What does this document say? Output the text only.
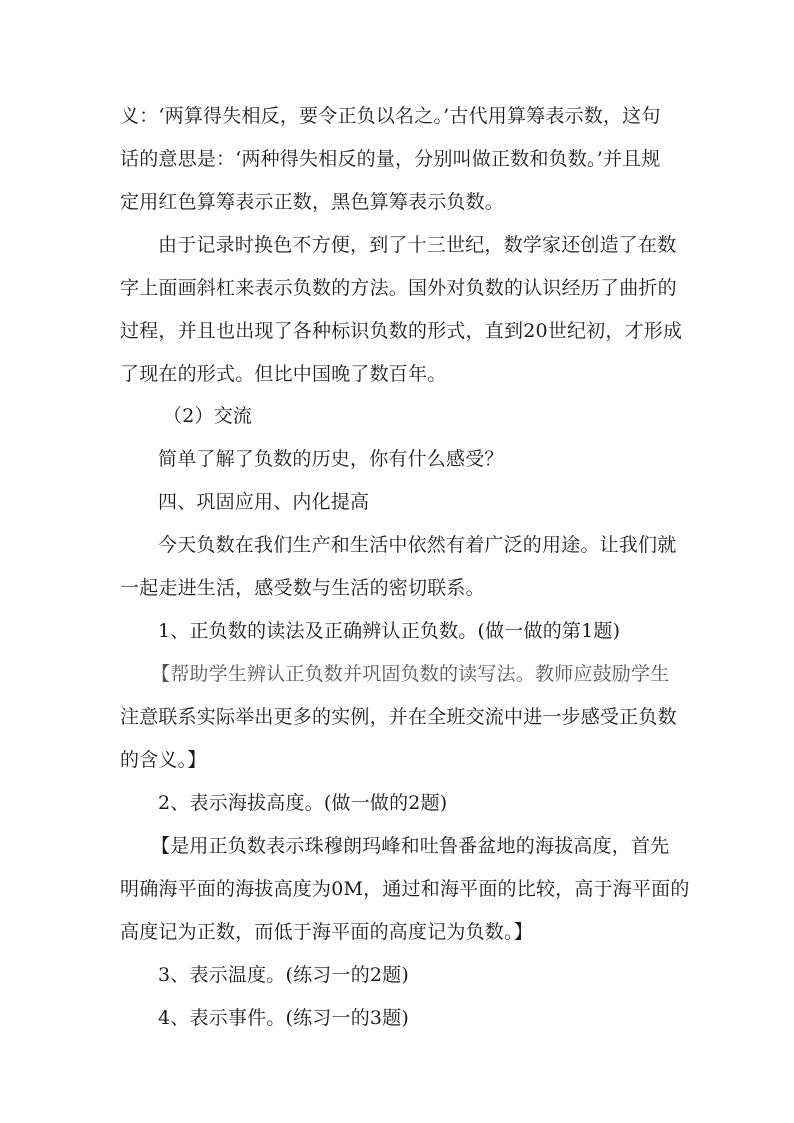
义：‘两算得失相反，要令正负以名之。’古代用算筹表示数，这句
话的意思是：‘两种得失相反的量，分别叫做正数和负数。’并且规
定用红色算筹表示正数，黑色算筹表示负数。
由于记录时换色不方便，到了十三世纪，数学家还创造了在数
字上面画斜杠来表示负数的方法。国外对负数的认识经历了曲折的
过程，并且也出现了各种标识负数的形式，直到20世纪初，才形成
了现在的形式。但比中国晚了数百年。
（2）交流
简单了解了负数的历史，你有什么感受？
四、巩固应用、内化提高
今天负数在我们生产和生活中依然有着广泛的用途。让我们就
一起走进生活，感受数与生活的密切联系。
1、正负数的读法及正确辨认正负数。(做一做的第1题)
【帮助学生辨认正负数并巩固负数的读写法。教师应鼓励学生
注意联系实际举出更多的实例，并在全班交流中进一步感受正负数
的含义。】
2、表示海拔高度。(做一做的2题)
【是用正负数表示珠穆朗玛峰和吐鲁番盆地的海拔高度，首先
明确海平面的海拔高度为0M，通过和海平面的比较，高于海平面的
高度记为正数，而低于海平面的高度记为负数。】
3、表示温度。(练习一的2题)
4、表示事件。(练习一的3题)
